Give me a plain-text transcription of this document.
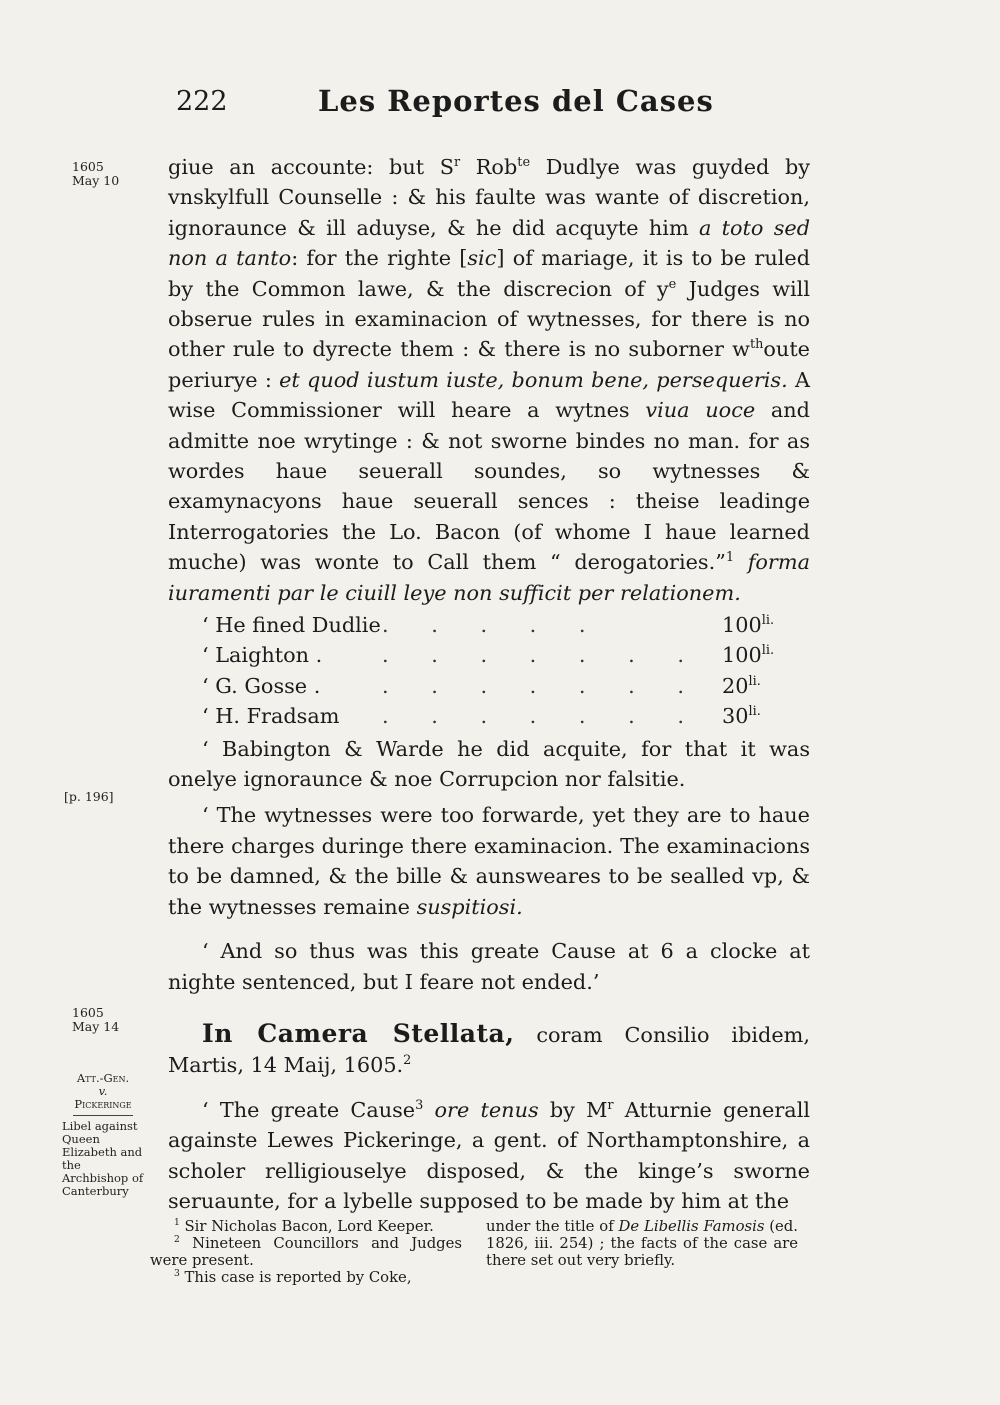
222	Les Reportes del Cases
1605
May 10
[p. 196]
1605
May 14
Att.-Gen.
v.
Pickeringe
Libel against Queen Elizabeth and the Archbishop of Canterbury

giue an accounte: but $S^r$ Rob$^{te}$ Dudlye was guyded by vnskylfull Counselle : & his faulte was wante of discretion, ignoraunce & ill aduyse, & he did acquyte him a toto sed non a tanto: for the righte [sic] of mariage, it is to be ruled by the Common lawe, & the discrecion of $y^e$ Judges will obserue rules in examinacion of wytnesses, for there is no other rule to dyrecte them : & there is no suborner $w^{th}oute$ periurye : et quod iustum iuste, bonum bene, persequeris. A wise Commissioner will heare a wytnes viua uoce and admitte noe wrytinge : & not sworne bindes no man. for as wordes haue seuerall soundes, so wytnesses & examynacyons haue seuerall sences : theise leadinge Interrogatories the Lo. Bacon (of whome I haue learned muche) was wonte to Call them “ derogatories.”$^1$ forma iuramenti par le ciuill leye non sufficit per relationem.

‘ He fined Dudlie . . . . .	$100^{li.}$
‘ Laighton .	. . . . . . . $100^{li.}$
‘ G. Gosse .	. . . . . . . $20^{li.}$
‘ H. Fradsam	. . . . . . . $30^{li.}$

‘ Babington & Warde he did acquite, for that it was onelye ignoraunce & noe Corrupcion nor falsitie.

‘ The wytnesses were too forwarde, yet they are to haue there charges duringe there examinacion. The examinacions to be damned, & the bille & aunsweares to be sealled vp, & the wytnesses remaine suspitiosi.

‘ And so thus was this greate Cause at 6 a clocke at nighte sentenced, but I feare not ended.’

In Camera Stellata, coram Consilio ibidem, Martis, 14 Maij, 1605.$^2$

‘ The greate Cause$^3$ ore tenus by $M^r$ Atturnie generall againste Lewes Pickeringe, a gent. of Northamptonshire, a scholer relligiouselye disposed, & the kinge’s sworne seruaunte, for a lybelle supposed to be made by him at the

$^1$ Sir Nicholas Bacon, Lord Keeper.

$^2$ Nineteen Councillors and Judges were present.

$^3$ This case is reported by Coke,

under the title of De Libellis Famosis (ed. 1826, iii. 254) ; the facts of the case are there set out very briefly.
